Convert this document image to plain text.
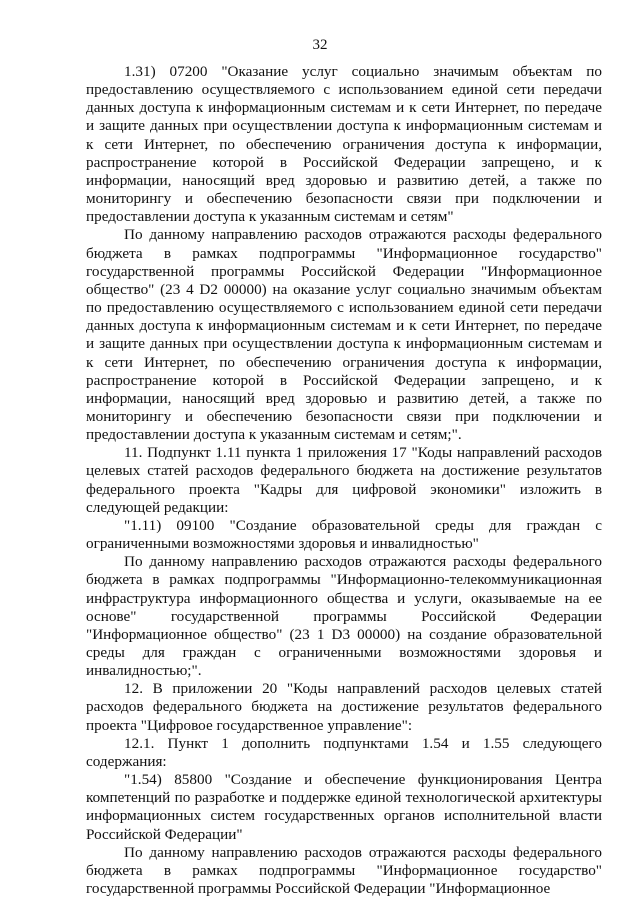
32

1.31) 07200 "Оказание услуг социально значимым объектам по предоставлению осуществляемого с использованием единой сети передачи данных доступа к информационным системам и к сети Интернет, по передаче и защите данных при осуществлении доступа к информационным системам и к сети Интернет, по обеспечению ограничения доступа к информации, распространение которой в Российской Федерации запрещено, и к информации, наносящий вред здоровью и развитию детей, а также по мониторингу и обеспечению безопасности связи при подключении и предоставлении доступа к указанным системам и сетям"

По данному направлению расходов отражаются расходы федерального бюджета в рамках подпрограммы "Информационное государство" государственной программы Российской Федерации "Информационное общество" (23 4 D2 00000) на оказание услуг социально значимым объектам по предоставлению осуществляемого с использованием единой сети передачи данных доступа к информационным системам и к сети Интернет, по передаче и защите данных при осуществлении доступа к информационным системам и к сети Интернет, по обеспечению ограничения доступа к информации, распространение которой в Российской Федерации запрещено, и к информации, наносящий вред здоровью и развитию детей, а также по мониторингу и обеспечению безопасности связи при подключении и предоставлении доступа к указанным системам и сетям;".

11. Подпункт 1.11 пункта 1 приложения 17 "Коды направлений расходов целевых статей расходов федерального бюджета на достижение результатов федерального проекта "Кадры для цифровой экономики" изложить в следующей редакции:

"1.11) 09100 "Создание образовательной среды для граждан с ограниченными возможностями здоровья и инвалидностью"

По данному направлению расходов отражаются расходы федерального бюджета в рамках подпрограммы "Информационно-телекоммуникационная инфраструктура информационного общества и услуги, оказываемые на ее основе" государственной программы Российской Федерации "Информационное общество" (23 1 D3 00000) на создание образовательной среды для граждан с ограниченными возможностями здоровья и инвалидностью;".

12. В приложении 20 "Коды направлений расходов целевых статей расходов федерального бюджета на достижение результатов федерального проекта "Цифровое государственное управление":

12.1. Пункт 1 дополнить подпунктами 1.54 и 1.55 следующего содержания:

"1.54) 85800 "Создание и обеспечение функционирования Центра компетенций по разработке и поддержке единой технологической архитектуры информационных систем государственных органов исполнительной власти Российской Федерации"

По данному направлению расходов отражаются расходы федерального бюджета в рамках подпрограммы "Информационное государство" государственной программы Российской Федерации "Информационное
